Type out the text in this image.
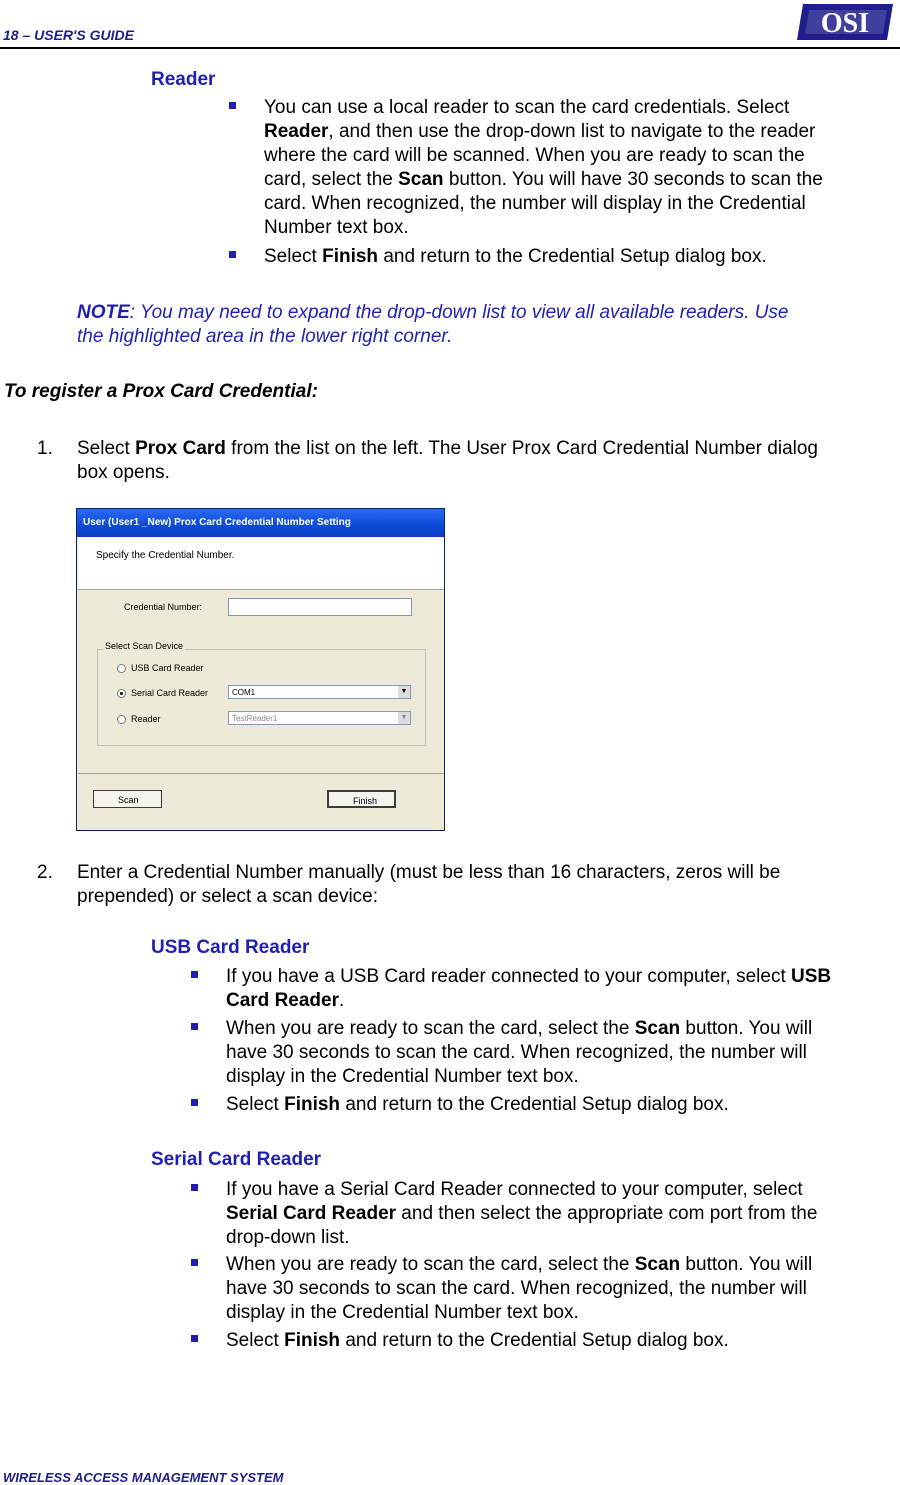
18 – USER'S GUIDE	OSI
Reader
You can use a local reader to scan the card credentials. Select
Reader, and then use the drop-down list to navigate to the reader
where the card will be scanned. When you are ready to scan the
card, select the Scan button. You will have 30 seconds to scan the
card. When recognized, the number will display in the Credential
Number text box.
Select Finish and return to the Credential Setup dialog box.
NOTE: You may need to expand the drop-down list to view all available readers. Use
the highlighted area in the lower right corner.
To register a Prox Card Credential:
1. Select Prox Card from the list on the left. The User Prox Card Credential Number dialog
box opens.
User (User1 _New) Prox Card Credential Number Setting
Specify the Credential Number.
Credential Number:
Select Scan Device
USB Card Reader
Serial Card Reader	COM1	▼
Reader	TestReader1	▼
Scan	Finish
2. Enter a Credential Number manually (must be less than 16 characters, zeros will be
prepended) or select a scan device:
USB Card Reader
If you have a USB Card reader connected to your computer, select USB
Card Reader.
When you are ready to scan the card, select the Scan button. You will
have 30 seconds to scan the card. When recognized, the number will
display in the Credential Number text box.
Select Finish and return to the Credential Setup dialog box.
Serial Card Reader
If you have a Serial Card Reader connected to your computer, select
Serial Card Reader and then select the appropriate com port from the
drop-down list.
When you are ready to scan the card, select the Scan button. You will
have 30 seconds to scan the card. When recognized, the number will
display in the Credential Number text box.
Select Finish and return to the Credential Setup dialog box.
WIRELESS ACCESS MANAGEMENT SYSTEM
